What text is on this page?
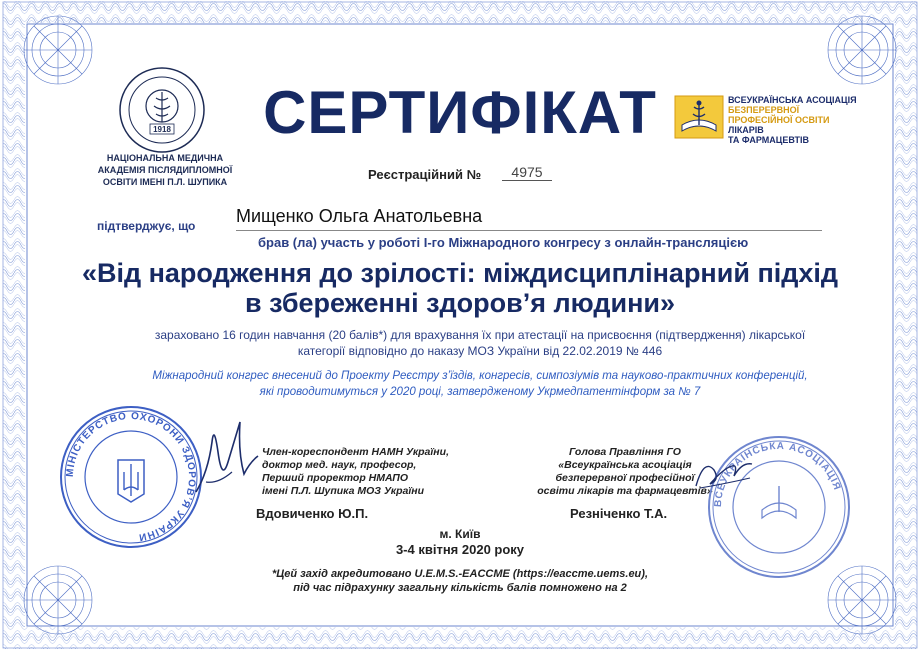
СЕРТИФІКАТ
1918
НАЦІОНАЛЬНА МЕДИЧНА
АКАДЕМІЯ ПІСЛЯДИПЛОМНОЇ
ОСВІТИ ІМЕНІ П.Л. ШУПИКА
ВСЕУКРАЇНСЬКА АСОЦІАЦІЯ
БЕЗПЕРЕРВНОЇ
ПРОФЕСІЙНОЇ ОСВІТИ
ЛІКАРІВ
ТА ФАРМАЦЕВТІВ
Реєстраційний №	4975
підтверджує, що Мищенко Ольга Анатольевна
брав (ла) участь у роботі І-го Міжнародного конгресу з онлайн-трансляцією
«Від народження до зрілості: міждисциплінарний підхід
в збереженні здоров’я людини»
зараховано 16 годин навчання (20 балів*) для врахування їх при атестації на присвоєння (підтвердження) лікарської
категорії відповідно до наказу МОЗ України від 22.02.2019 № 446
Міжнародний конгрес внесений до Проекту Реєстру з’їздів, конгресів, симпозіумів та науково-практичних конференцій,
які проводитимуться у 2020 році, затвердженому Укрмедпатентінформ за № 7
МІНІСТЕРСТВО ОХОРОНИ ЗДОРОВ’Я УКРАЇНИ
Член-кореспондент НАМН України,
доктор мед. наук, професор,
Перший проректор НМАПО
імені П.Л. Шупика МОЗ України
Вдовиченко Ю.П.
Голова Правління ГО
«Всеукраїнська асоціація
безперервної професійної
освіти лікарів та фармацевтів»
Резніченко Т.А.
ВСЕУКРАЇНСЬКА АСОЦІАЦІЯ
м. Київ
3-4 квітня 2020 року
*Цей захід акредитовано U.E.M.S.-EACCME (https://eaccme.uems.eu),
під час підрахунку загальну кількість балів помножено на 2
